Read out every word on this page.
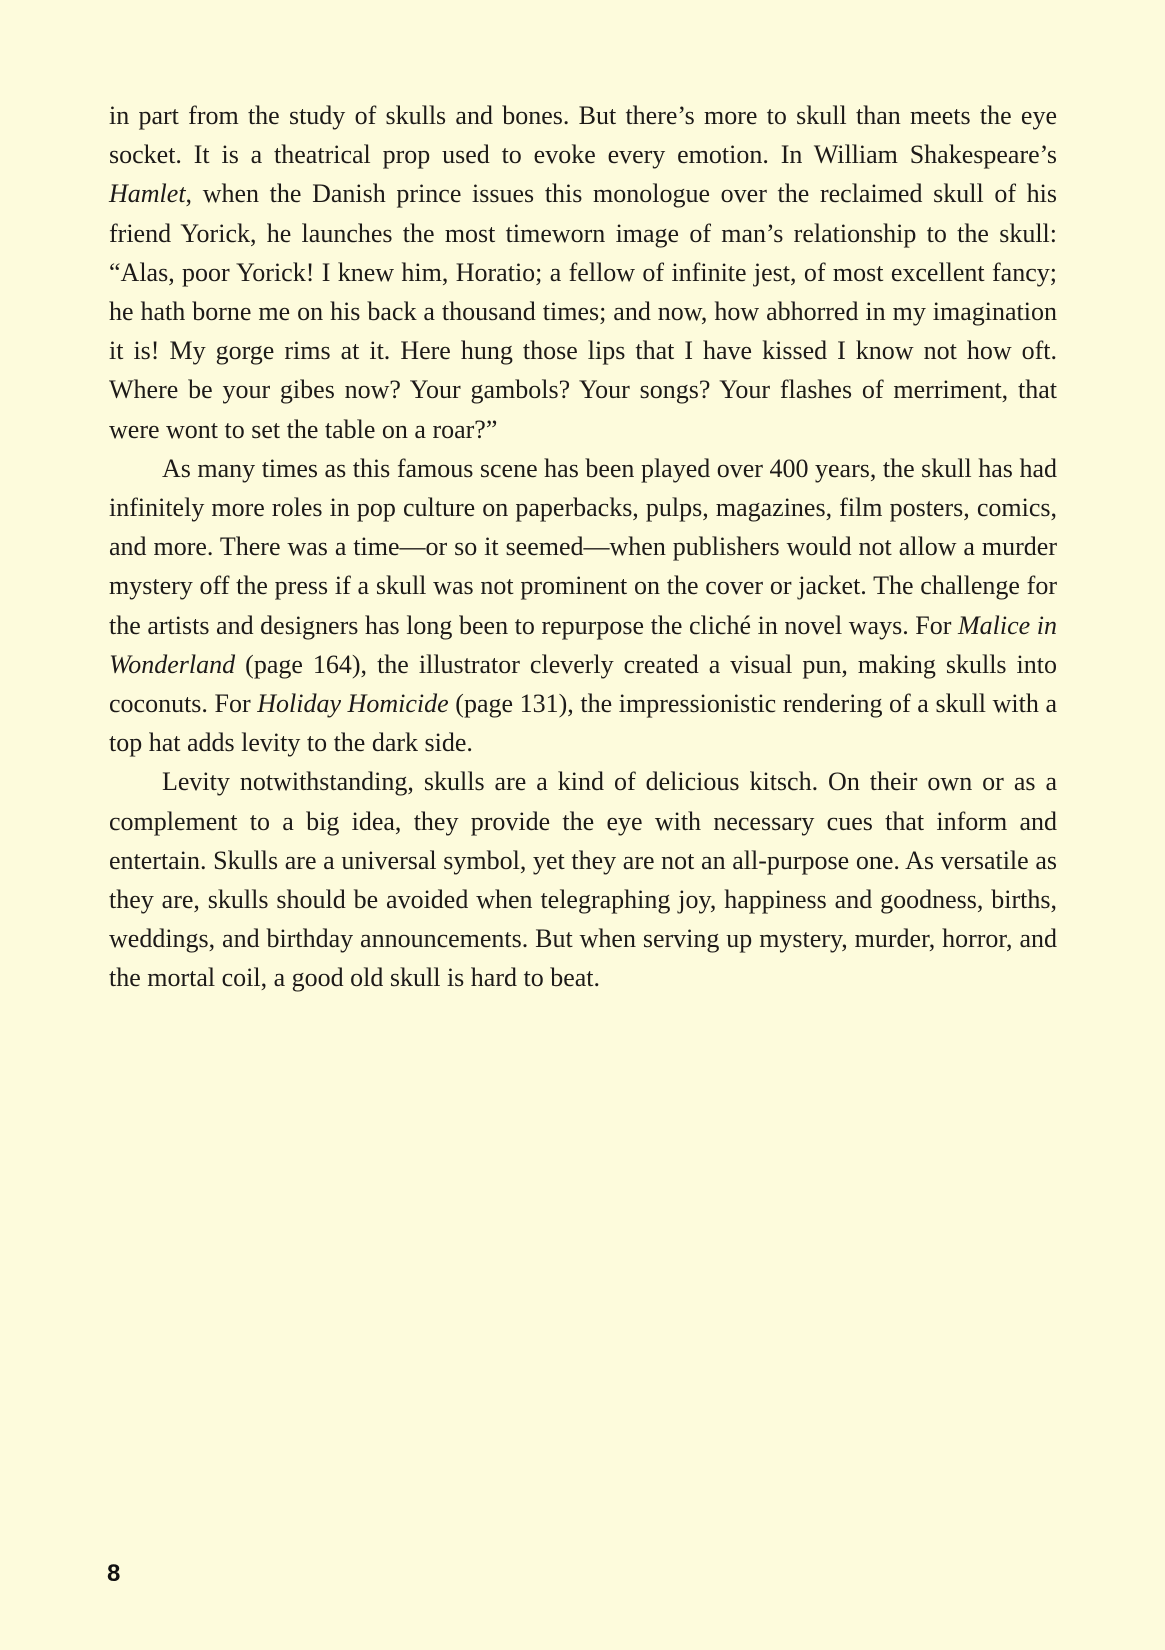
in part from the study of skulls and bones. But there’s more to skull than meets the eye socket. It is a theatrical prop used to evoke every emotion. In William Shakespeare’s Hamlet, when the Danish prince issues this monologue over the reclaimed skull of his friend Yorick, he launches the most timeworn image of man’s relationship to the skull: “Alas, poor Yorick! I knew him, Horatio; a fellow of infinite jest, of most excellent fancy; he hath borne me on his back a thousand times; and now, how abhorred in my imagination it is! My gorge rims at it. Here hung those lips that I have kissed I know not how oft. Where be your gibes now? Your gambols? Your songs? Your flashes of merriment, that were wont to set the table on a roar?”

As many times as this famous scene has been played over 400 years, the skull has had infinitely more roles in pop culture on paperbacks, pulps, magazines, film posters, comics, and more. There was a time—or so it seemed—when publishers would not allow a murder mystery off the press if a skull was not prominent on the cover or jacket. The challenge for the artists and designers has long been to repurpose the cliché in novel ways. For Malice in Wonderland (page 164), the illustrator cleverly created a visual pun, making skulls into coconuts. For Holiday Homicide (page 131), the impressionistic rendering of a skull with a top hat adds levity to the dark side.

Levity notwithstanding, skulls are a kind of delicious kitsch. On their own or as a complement to a big idea, they provide the eye with necessary cues that inform and entertain. Skulls are a universal symbol, yet they are not an all-purpose one. As versatile as they are, skulls should be avoided when telegraphing joy, happiness and goodness, births, weddings, and birthday announcements. But when serving up mystery, murder, horror, and the mortal coil, a good old skull is hard to beat.

8
